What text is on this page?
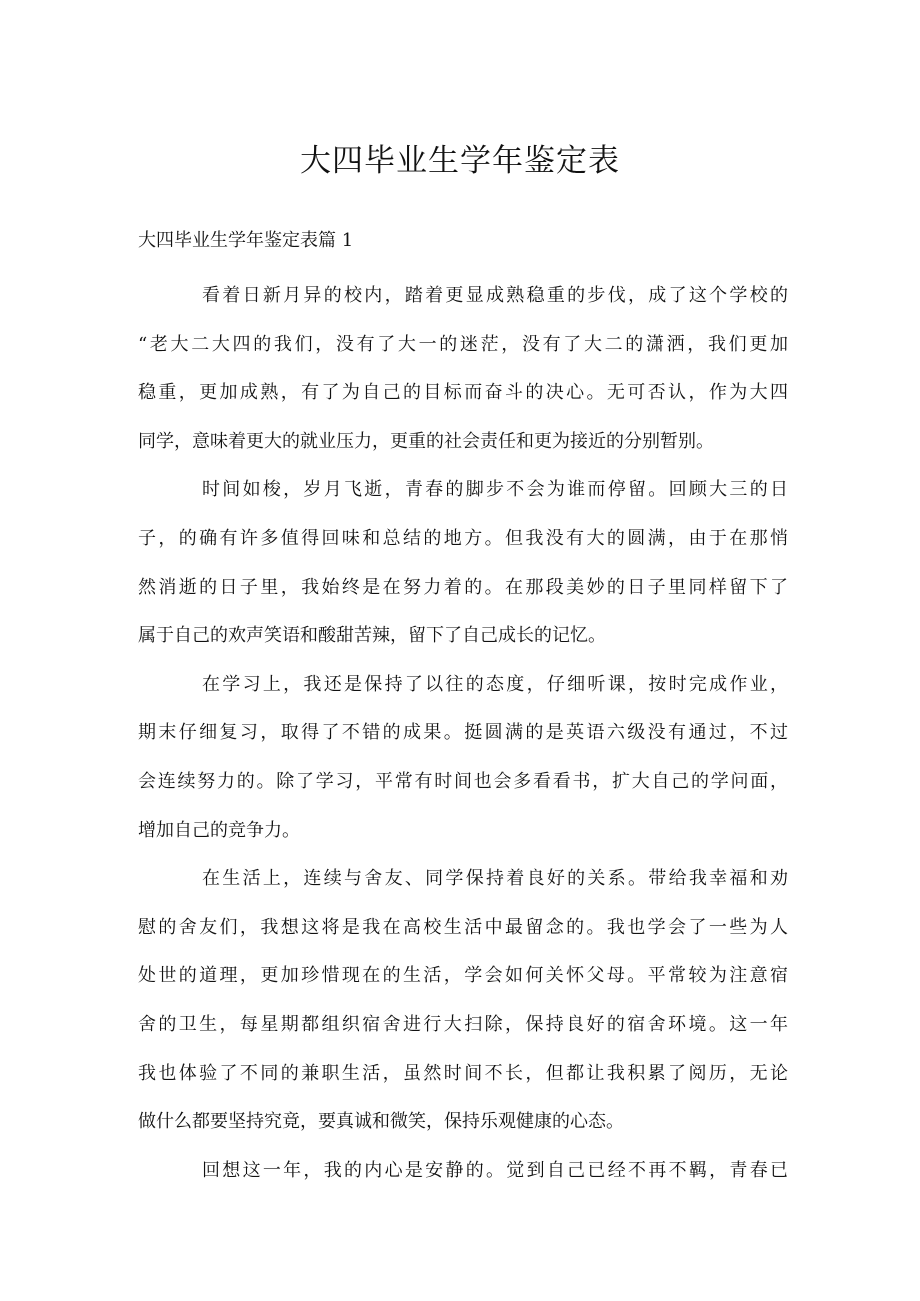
大四毕业生学年鉴定表

大四毕业生学年鉴定表篇 1

看着日新月异的校内，踏着更显成熟稳重的步伐，成了这个学校的
“老大二大四的我们，没有了大一的迷茫，没有了大二的潇洒，我们更加
稳重，更加成熟，有了为自己的目标而奋斗的决心。无可否认，作为大四
同学，意味着更大的就业压力，更重的社会责任和更为接近的分别暂别。

时间如梭，岁月飞逝，青春的脚步不会为谁而停留。回顾大三的日
子，的确有许多值得回味和总结的地方。但我没有大的圆满，由于在那悄
然消逝的日子里，我始终是在努力着的。在那段美妙的日子里同样留下了
属于自己的欢声笑语和酸甜苦辣，留下了自己成长的记忆。

在学习上，我还是保持了以往的态度，仔细听课，按时完成作业，
期末仔细复习，取得了不错的成果。挺圆满的是英语六级没有通过，不过
会连续努力的。除了学习，平常有时间也会多看看书，扩大自己的学问面，
增加自己的竞争力。

在生活上，连续与舍友、同学保持着良好的关系。带给我幸福和劝
慰的舍友们，我想这将是我在高校生活中最留念的。我也学会了一些为人
处世的道理，更加珍惜现在的生活，学会如何关怀父母。平常较为注意宿
舍的卫生，每星期都组织宿舍进行大扫除，保持良好的宿舍环境。这一年
我也体验了不同的兼职生活，虽然时间不长，但都让我积累了阅历，无论
做什么都要坚持究竟，要真诚和微笑，保持乐观健康的心态。

回想这一年，我的内心是安静的。觉到自己已经不再不羁，青春已
